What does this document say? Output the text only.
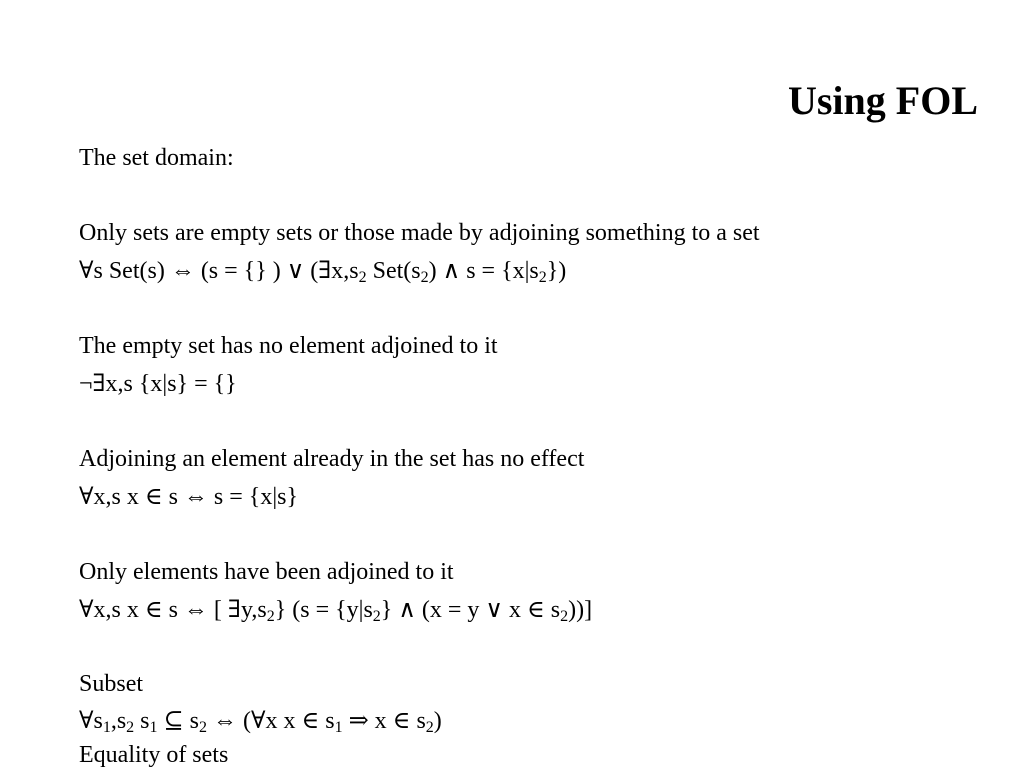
Using FOL

The set domain:

Only sets are empty sets or those made by adjoining something to a set

∀s Set(s) ⇔ (s = {} ) ∨ ($\exists x,s_2$ $Set(s_2)$ ∧ $s = \{x|s_2\}$)

The empty set has no element adjoined to it

¬∃x,s {x|s} = {}

Adjoining an element already in the set has no effect

∀x,s x ∈ s ⇔ s = {x|s}

Only elements have been adjoined to it

∀x,s x ∈ s ⇔ [ $\exists y,s_2$} ($s = \{y|s_2\}$ ∧ (x = y ∨ x ∈ $s_2$))]

Subset

$\forall s_1,s_2$ $s_1$ ⊆ $s_2$ ⇔ (∀x x ∈ $s_1$ ⇒ x ∈ $s_2$)

Equality of sets
